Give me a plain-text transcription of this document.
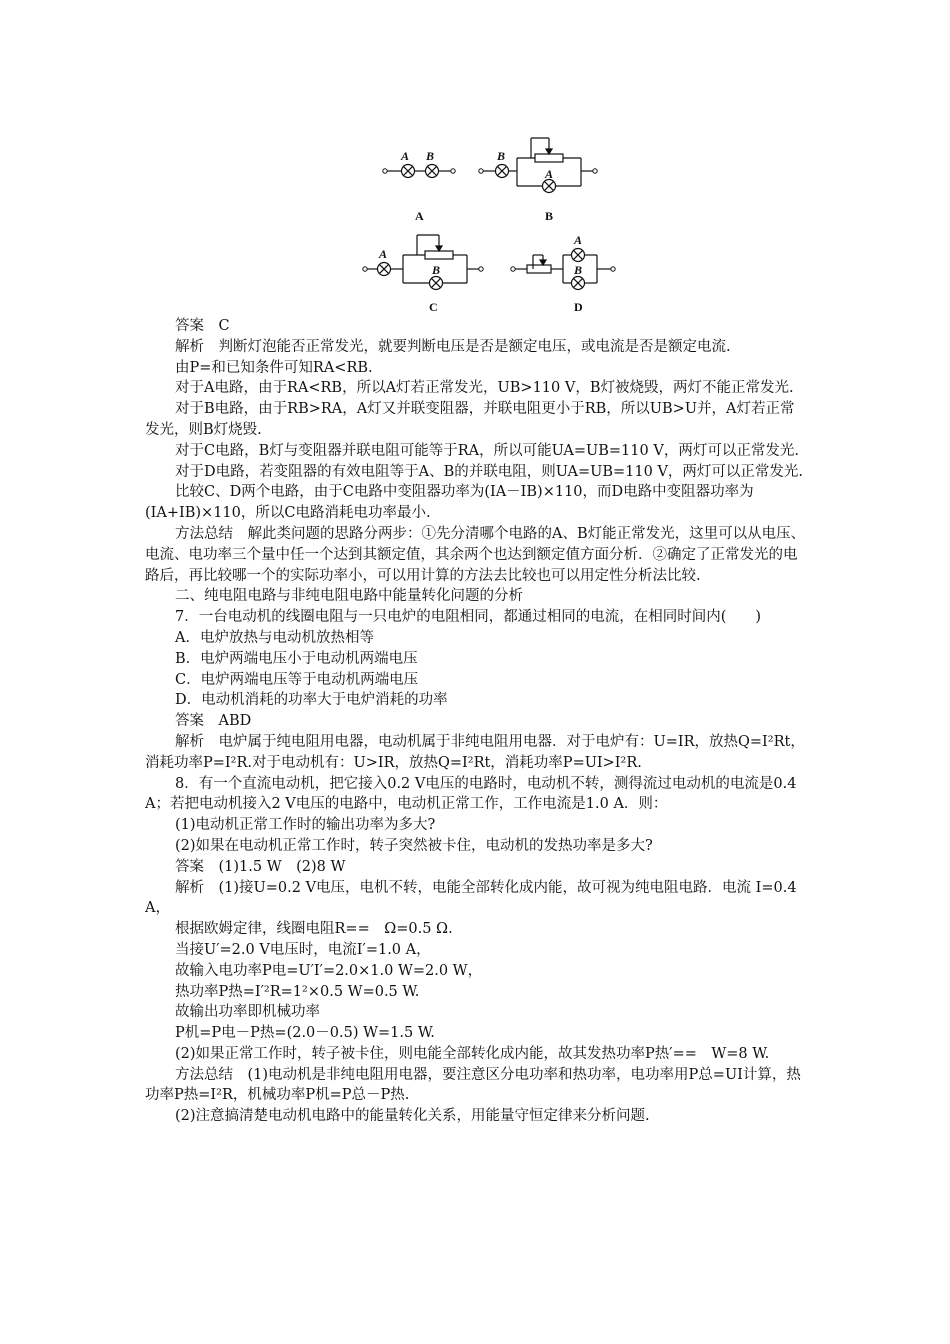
A B	B
A
A
B
A
B
A	B
C	D

答案　C

解析　判断灯泡能否正常发光，就要判断电压是否是额定电压，或电流是否是额定电流.

由P=和已知条件可知RA<RB.

对于A电路，由于RA<RB，所以A灯若正常发光，UB>110 V，B灯被烧毁，两灯不能正常发光.

对于B电路，由于RB>RA，A灯又并联变阻器，并联电阻更小于RB，所以UB>U并，A灯若正常发光，则B灯烧毁.

对于C电路，B灯与变阻器并联电阻可能等于RA，所以可能UA=UB=110 V，两灯可以正常发光.

对于D电路，若变阻器的有效电阻等于A、B的并联电阻，则UA=UB=110 V，两灯可以正常发光.

比较C、D两个电路，由于C电路中变阻器功率为(IA－IB)×110，而D电路中变阻器功率为(IA+IB)×110，所以C电路消耗电功率最小.

方法总结　解此类问题的思路分两步：①先分清哪个电路的A、B灯能正常发光，这里可以从电压、电流、电功率三个量中任一个达到其额定值，其余两个也达到额定值方面分析．②确定了正常发光的电路后，再比较哪一个的实际功率小，可以用计算的方法去比较也可以用定性分析法比较.

二、纯电阻电路与非纯电阻电路中能量转化问题的分析

7．一台电动机的线圈电阻与一只电炉的电阻相同，都通过相同的电流，在相同时间内(　　)

A．电炉放热与电动机放热相等

B．电炉两端电压小于电动机两端电压

C．电炉两端电压等于电动机两端电压

D．电动机消耗的功率大于电炉消耗的功率

答案　ABD

解析　电炉属于纯电阻用电器，电动机属于非纯电阻用电器．对于电炉有：U=IR，放热Q=I²Rt，消耗功率P=I²R.对于电动机有：U>IR，放热Q=I²Rt，消耗功率P=UI>I²R.

8．有一个直流电动机，把它接入0.2 V电压的电路时，电动机不转，测得流过电动机的电流是0.4 A；若把电动机接入2 V电压的电路中，电动机正常工作，工作电流是1.0 A．则：

(1)电动机正常工作时的输出功率为多大?

(2)如果在电动机正常工作时，转子突然被卡住，电动机的发热功率是多大?

答案　(1)1.5 W　(2)8 W

解析　(1)接U=0.2 V电压，电机不转，电能全部转化成内能，故可视为纯电阻电路．电流 I=0.4 A，

根据欧姆定律，线圈电阻R==　Ω=0.5 Ω.

当接U′=2.0 V电压时，电流I′=1.0 A，

故输入电功率P电=U′I′=2.0×1.0 W=2.0 W，

热功率P热=I′²R=1²×0.5 W=0.5 W.

故输出功率即机械功率

P机=P电－P热=(2.0－0.5) W=1.5 W.

(2)如果正常工作时，转子被卡住，则电能全部转化成内能，故其发热功率P热′==　W=8 W.

方法总结　(1)电动机是非纯电阻用电器，要注意区分电功率和热功率，电功率用P总=UI计算，热功率P热=I²R，机械功率P机=P总－P热.

(2)注意搞清楚电动机电路中的能量转化关系，用能量守恒定律来分析问题.
